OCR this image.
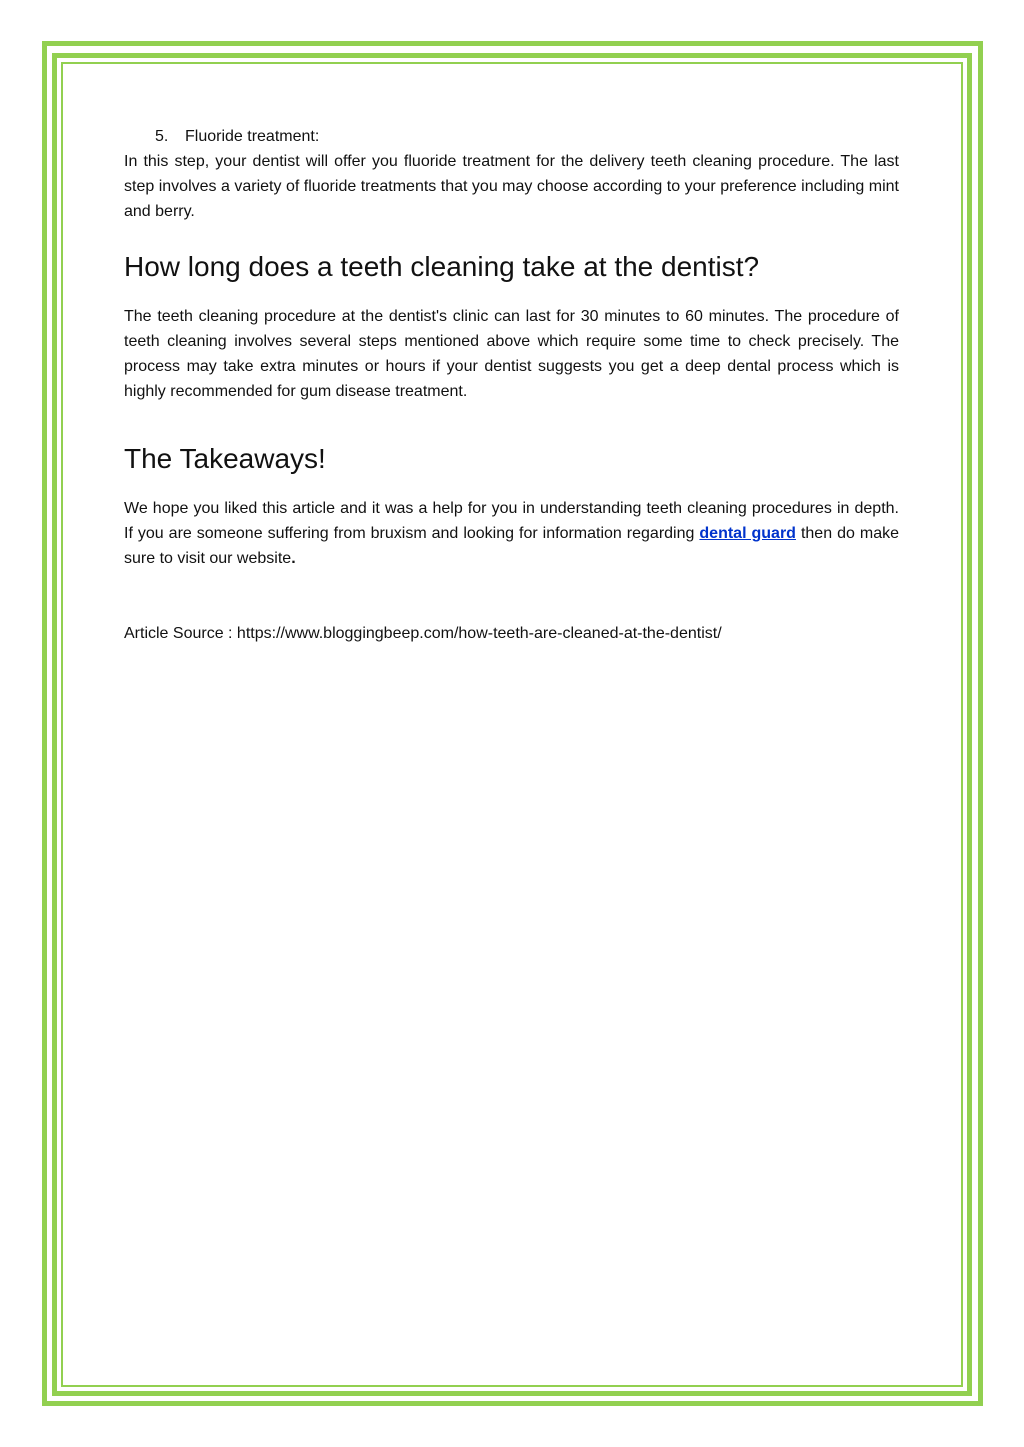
5. Fluoride treatment:

In this step, your dentist will offer you fluoride treatment for the delivery teeth cleaning procedure. The last step involves a variety of fluoride treatments that you may choose according to your preference including mint and berry.

How long does a teeth cleaning take at the dentist?

The teeth cleaning procedure at the dentist's clinic can last for 30 minutes to 60 minutes. The procedure of teeth cleaning involves several steps mentioned above which require some time to check precisely. The process may take extra minutes or hours if your dentist suggests you get a deep dental process which is highly recommended for gum disease treatment.

The Takeaways!

We hope you liked this article and it was a help for you in understanding teeth cleaning procedures in depth. If you are someone suffering from bruxism and looking for information regarding dental guard then do make sure to visit our website.

Article Source : https://www.bloggingbeep.com/how-teeth-are-cleaned-at-the-dentist/
